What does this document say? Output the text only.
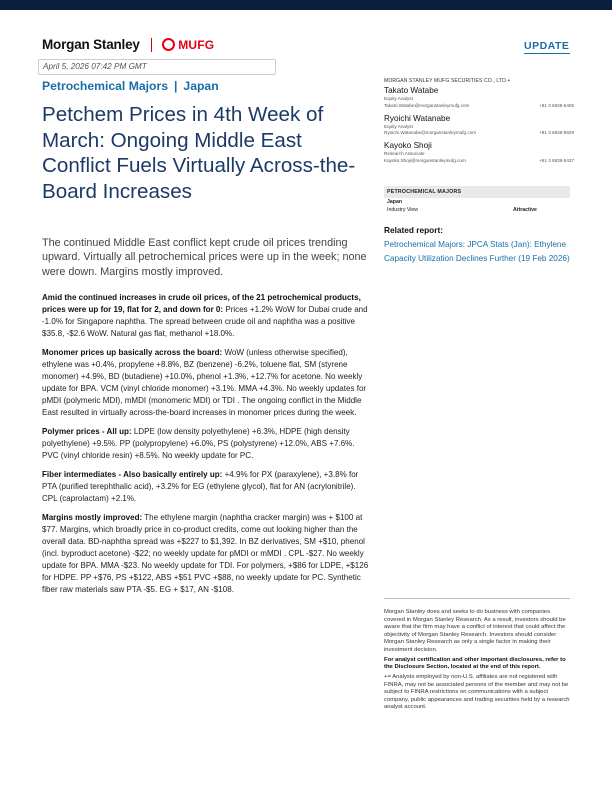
Morgan Stanley	MUFG	UPDATE
April 5, 2026 07:42 PM GMT
Petrochemical Majors | Japan
Petchem Prices in 4th Week of March: Ongoing Middle East Conflict Fuels Virtually Across-the-Board Increases
The continued Middle East conflict kept crude oil prices trending upward. Virtually all petrochemical prices were up in the week; none were down. Margins mostly improved.

Amid the continued increases in crude oil prices, of the 21 petrochemical products, prices were up for 19, flat for 2, and down for 0: Prices +1.2% WoW for Dubai crude and -1.0% for Singapore naphtha. The spread between crude oil and naphtha was a positive $35.8, -$2.6 WoW. Natural gas flat, methanol +18.0%.

Monomer prices up basically across the board: WoW (unless otherwise specified), ethylene was +0.4%, propylene +8.8%, BZ (benzene) -6.2%, toluene flat, SM (styrene monomer) +4.9%, BD (butadiene) +10.0%, phenol +1.3%, +12.7% for acetone. No weekly update for BPA. VCM (vinyl chloride monomer) +3.1%. MMA +4.3%. No weekly updates for pMDI (polymeric MDI), mMDI (monomeric MDI) or TDI . The ongoing conflict in the Middle East resulted in virtually across-the-board increases in monomer prices during the week.

Polymer prices - All up: LDPE (low density polyethylene) +6.3%, HDPE (high density polyethylene) +9.5%. PP (polypropylene) +6.0%, PS (polystyrene) +12.0%, ABS +7.6%. PVC (vinyl chloride resin) +8.5%. No weekly update for PC.

Fiber intermediates - Also basically entirely up: +4.9% for PX (paraxylene), +3.8% for PTA (purified terephthalic acid), +3.2% for EG (ethylene glycol), flat for AN (acrylonitrile). CPL (caprolactam) +2.1%.

Margins mostly improved: The ethylene margin (naphtha cracker margin) was + $100 at $77. Margins, which broadly price in co-product credits, come out looking higher than the overall data. BD-naphtha spread was +$227 to $1,392. In BZ derivatives, SM +$10, phenol (incl. byproduct acetone) -$22; no weekly update for pMDI or mMDI . CPL -$27. No weekly update for BPA. MMA -$23. No weekly update for TDI. For polymers, +$86 for LDPE, +$126 for HDPE. PP +$76, PS +$122, ABS +$51 PVC +$88, no weekly update for PC. Synthetic fiber raw materials saw PTA -$5. EG + $17, AN -$108.

MORGAN STANLEY MUFG SECURITIES CO., LTD.+
Takato Watabe
Equity Analyst
Takato.Watabe@morganstanleymufg.com	+81 3 6836-5406
Ryoichi Watanabe
Equity Analyst
Ryoichi.Watanabe@morganstanleymufg.com	+81 3 6836-8929
Kayoko Shoji
Research Associate
Kayoko.Shoji@morganstanleymufg.com	+81 3 6836-5437
PETROCHEMICAL MAJORS
Japan
Industry View	Attractive
Related report:
Petrochemical Majors: JPCA Stats (Jan): Ethylene Capacity Utilization Declines Further (19 Feb 2026)

Morgan Stanley does and seeks to do business with companies covered in Morgan Stanley Research. As a result, investors should be aware that the firm may have a conflict of interest that could affect the objectivity of Morgan Stanley Research. Investors should consider Morgan Stanley Research as only a single factor in making their investment decision.

For analyst certification and other important disclosures, refer to the Disclosure Section, located at the end of this report.

+= Analysts employed by non-U.S. affiliates are not registered with FINRA, may not be associated persons of the member and may not be subject to FINRA restrictions on communications with a subject company, public appearances and trading securities held by a research analyst account.
